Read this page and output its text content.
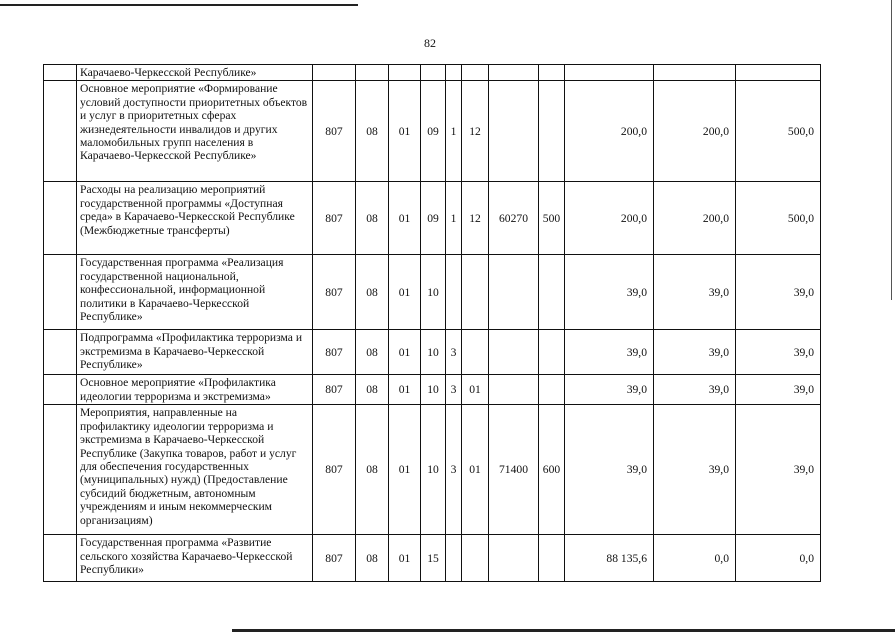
82
	Карачаево-Черкесской Республике»											
	Основное мероприятие «Формирование условий доступности приоритетных объектов и услуг в приоритетных сферах жизнедеятельности инвалидов и других маломобильных групп населения в Карачаево-Черкесской Республике»	807	08	01	09	1	12			200,0	200,0	500,0
	Расходы на реализацию мероприятий государственной программы «Доступная среда» в Карачаево-Черкесской Республике (Межбюджетные трансферты)	807	08	01	09	1	12	60270	500	200,0	200,0	500,0
	Государственная программа «Реализация государственной национальной, конфессиональной, информационной политики в Карачаево-Черкесской Республике»	807	08	01	10					39,0	39,0	39,0
	Подпрограмма «Профилактика терроризма и экстремизма в Карачаево-Черкесской Республике»	807	08	01	10	3				39,0	39,0	39,0
	Основное мероприятие «Профилактика идеологии терроризма и экстремизма»	807	08	01	10	3	01			39,0	39,0	39,0
	Мероприятия, направленные на профилактику идеологии терроризма и экстремизма в Карачаево-Черкесской Республике (Закупка товаров, работ и услуг для обеспечения государственных (муниципальных) нужд) (Предоставление субсидий бюджетным, автономным учреждениям и иным некоммерческим организациям)	807	08	01	10	3	01	71400	600	39,0	39,0	39,0
	Государственная программа «Развитие сельского хозяйства Карачаево-Черкесской Республики»	807	08	01	15					88 135,6	0,0	0,0
